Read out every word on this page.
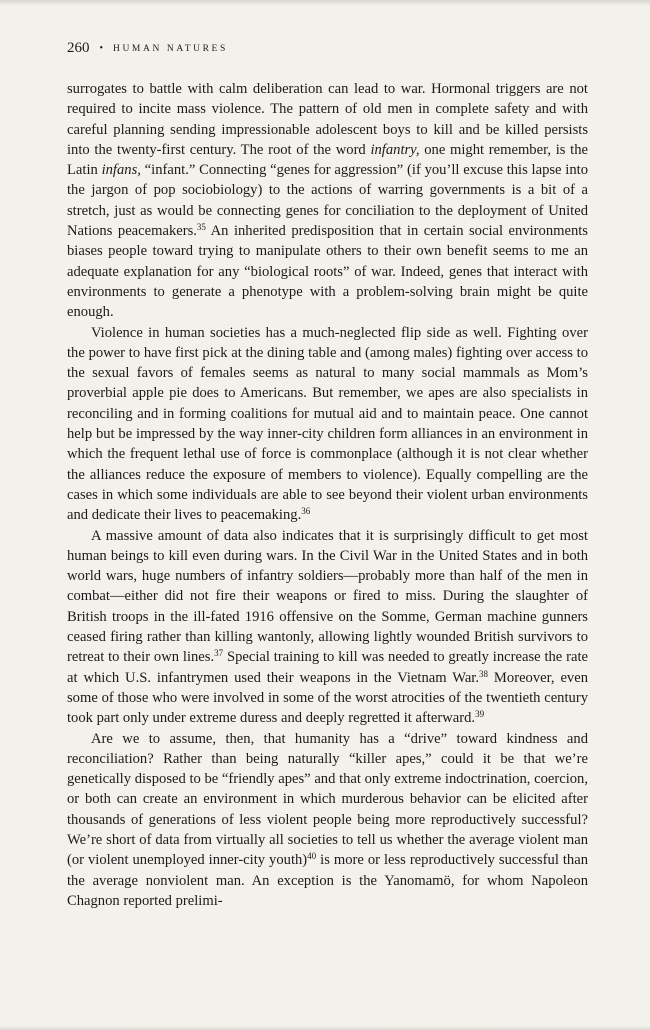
260 • HUMAN NATURES

surrogates to battle with calm deliberation can lead to war. Hormonal triggers are not required to incite mass violence. The pattern of old men in complete safety and with careful planning sending impressionable adolescent boys to kill and be killed persists into the twenty-first century. The root of the word infantry, one might remember, is the Latin infans, “infant.” Connecting “genes for aggression” (if you’ll excuse this lapse into the jargon of pop sociobiology) to the actions of warring governments is a bit of a stretch, just as would be connecting genes for conciliation to the deployment of United Nations peacemakers.$^{35}$ An inherited predisposition that in certain social environments biases people toward trying to manipulate others to their own benefit seems to me an adequate explanation for any “biological roots” of war. Indeed, genes that interact with environments to generate a phenotype with a problem-solving brain might be quite enough.

Violence in human societies has a much-neglected flip side as well. Fighting over the power to have first pick at the dining table and (among males) fighting over access to the sexual favors of females seems as natural to many social mammals as Mom’s proverbial apple pie does to Americans. But remember, we apes are also specialists in reconciling and in forming coalitions for mutual aid and to maintain peace. One cannot help but be impressed by the way inner-city children form alliances in an environment in which the frequent lethal use of force is commonplace (although it is not clear whether the alliances reduce the exposure of members to violence). Equally compelling are the cases in which some individuals are able to see beyond their violent urban environments and dedicate their lives to peacemaking.$^{36}$

A massive amount of data also indicates that it is surprisingly difficult to get most human beings to kill even during wars. In the Civil War in the United States and in both world wars, huge numbers of infantry soldiers—probably more than half of the men in combat—either did not fire their weapons or fired to miss. During the slaughter of British troops in the ill-fated 1916 offensive on the Somme, German machine gunners ceased firing rather than killing wantonly, allowing lightly wounded British survivors to retreat to their own lines.$^{37}$ Special training to kill was needed to greatly increase the rate at which U.S. infantrymen used their weapons in the Vietnam War.$^{38}$ Moreover, even some of those who were involved in some of the worst atrocities of the twentieth century took part only under extreme duress and deeply regretted it afterward.$^{39}$

Are we to assume, then, that humanity has a “drive” toward kindness and reconciliation? Rather than being naturally “killer apes,” could it be that we’re genetically disposed to be “friendly apes” and that only extreme indoctrination, coercion, or both can create an environment in which murderous behavior can be elicited after thousands of generations of less violent people being more reproductively successful? We’re short of data from virtually all societies to tell us whether the average violent man (or violent unemployed inner-city youth)$^{40}$ is more or less reproductively successful than the average nonviolent man. An exception is the Yanomamö, for whom Napoleon Chagnon reported prelimi-
